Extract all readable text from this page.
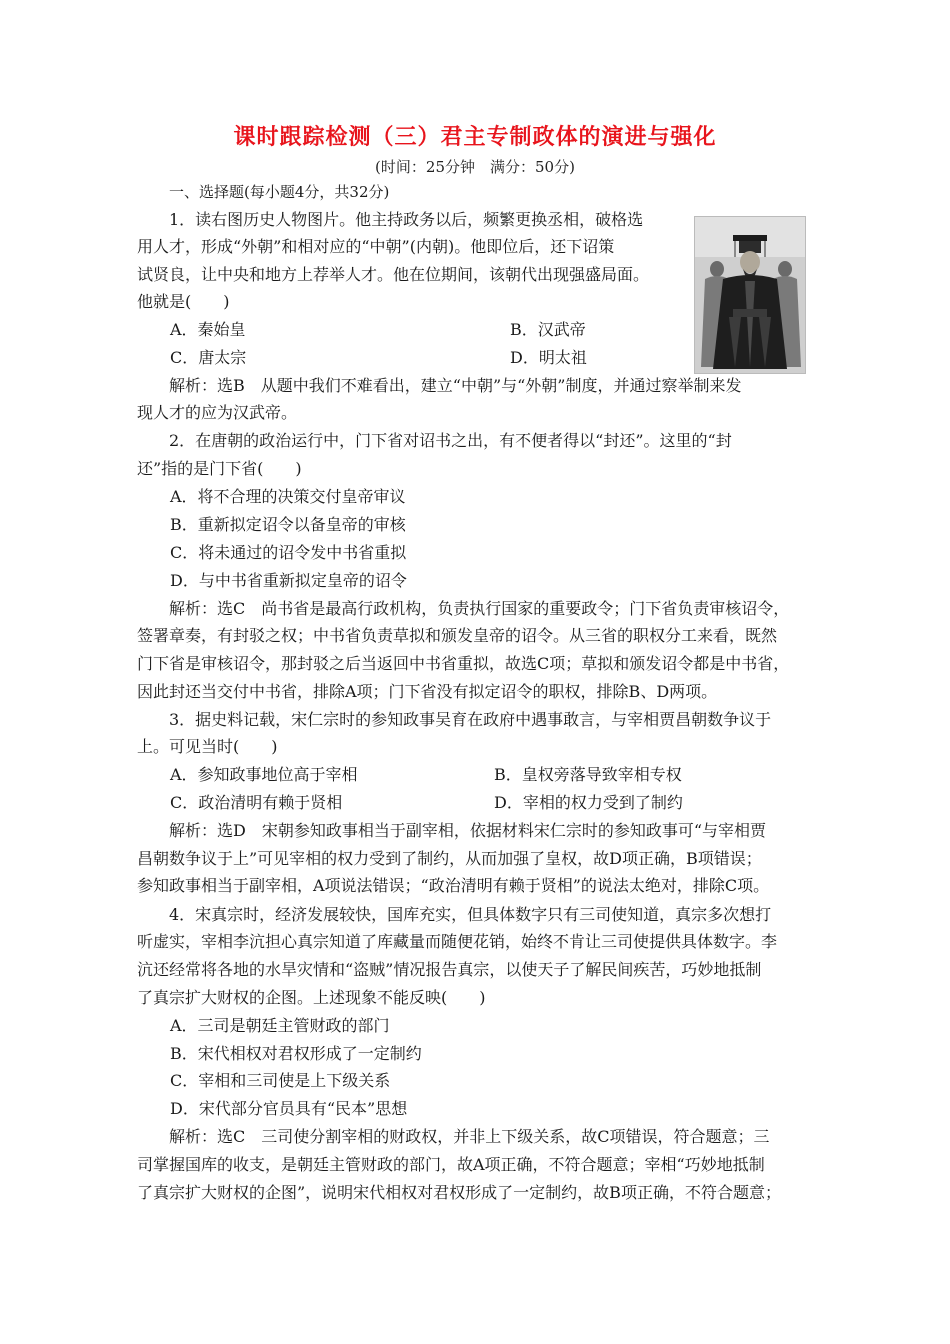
课时跟踪检测（三）君主专制政体的演进与强化
(时间：25分钟　满分：50分)
一、选择题(每小题4分，共32分)
1．读右图历史人物图片。他主持政务以后，频繁更换丞相，破格选
用人才，形成“外朝”和相对应的“中朝”(内朝)。他即位后，还下诏策
试贤良，让中央和地方上荐举人才。他在位期间，该朝代出现强盛局面。
他就是(　　)
A．秦始皇	B．汉武帝
C．唐太宗	D．明太祖
解析：选B　从题中我们不难看出，建立“中朝”与“外朝”制度，并通过察举制来发
现人才的应为汉武帝。
2．在唐朝的政治运行中，门下省对诏书之出，有不便者得以“封还”。这里的“封
还”指的是门下省(　　)
A．将不合理的决策交付皇帝审议
B．重新拟定诏令以备皇帝的审核
C．将未通过的诏令发中书省重拟
D．与中书省重新拟定皇帝的诏令
解析：选C　尚书省是最高行政机构，负责执行国家的重要政令；门下省负责审核诏令，
签署章奏，有封驳之权；中书省负责草拟和颁发皇帝的诏令。从三省的职权分工来看，既然
门下省是审核诏令，那封驳之后当返回中书省重拟，故选C项；草拟和颁发诏令都是中书省，
因此封还当交付中书省，排除A项；门下省没有拟定诏令的职权，排除B、D两项。
3．据史料记载，宋仁宗时的参知政事吴育在政府中遇事敢言，与宰相贾昌朝数争议于
上。可见当时(　　)
A．参知政事地位高于宰相	B．皇权旁落导致宰相专权
C．政治清明有赖于贤相	D．宰相的权力受到了制约
解析：选D　宋朝参知政事相当于副宰相，依据材料宋仁宗时的参知政事可“与宰相贾
昌朝数争议于上”可见宰相的权力受到了制约，从而加强了皇权，故D项正确，B项错误；
参知政事相当于副宰相，A项说法错误；“政治清明有赖于贤相”的说法太绝对，排除C项。
4．宋真宗时，经济发展较快，国库充实，但具体数字只有三司使知道，真宗多次想打
听虚实，宰相李沆担心真宗知道了库藏量而随便花销，始终不肯让三司使提供具体数字。李
沆还经常将各地的水旱灾情和“盗贼”情况报告真宗，以使天子了解民间疾苦，巧妙地抵制
了真宗扩大财权的企图。上述现象不能反映(　　)
A．三司是朝廷主管财政的部门
B．宋代相权对君权形成了一定制约
C．宰相和三司使是上下级关系
D．宋代部分官员具有“民本”思想
解析：选C　三司使分割宰相的财政权，并非上下级关系，故C项错误，符合题意；三
司掌握国库的收支，是朝廷主管财政的部门，故A项正确，不符合题意；宰相“巧妙地抵制
了真宗扩大财权的企图”，说明宋代相权对君权形成了一定制约，故B项正确，不符合题意；
